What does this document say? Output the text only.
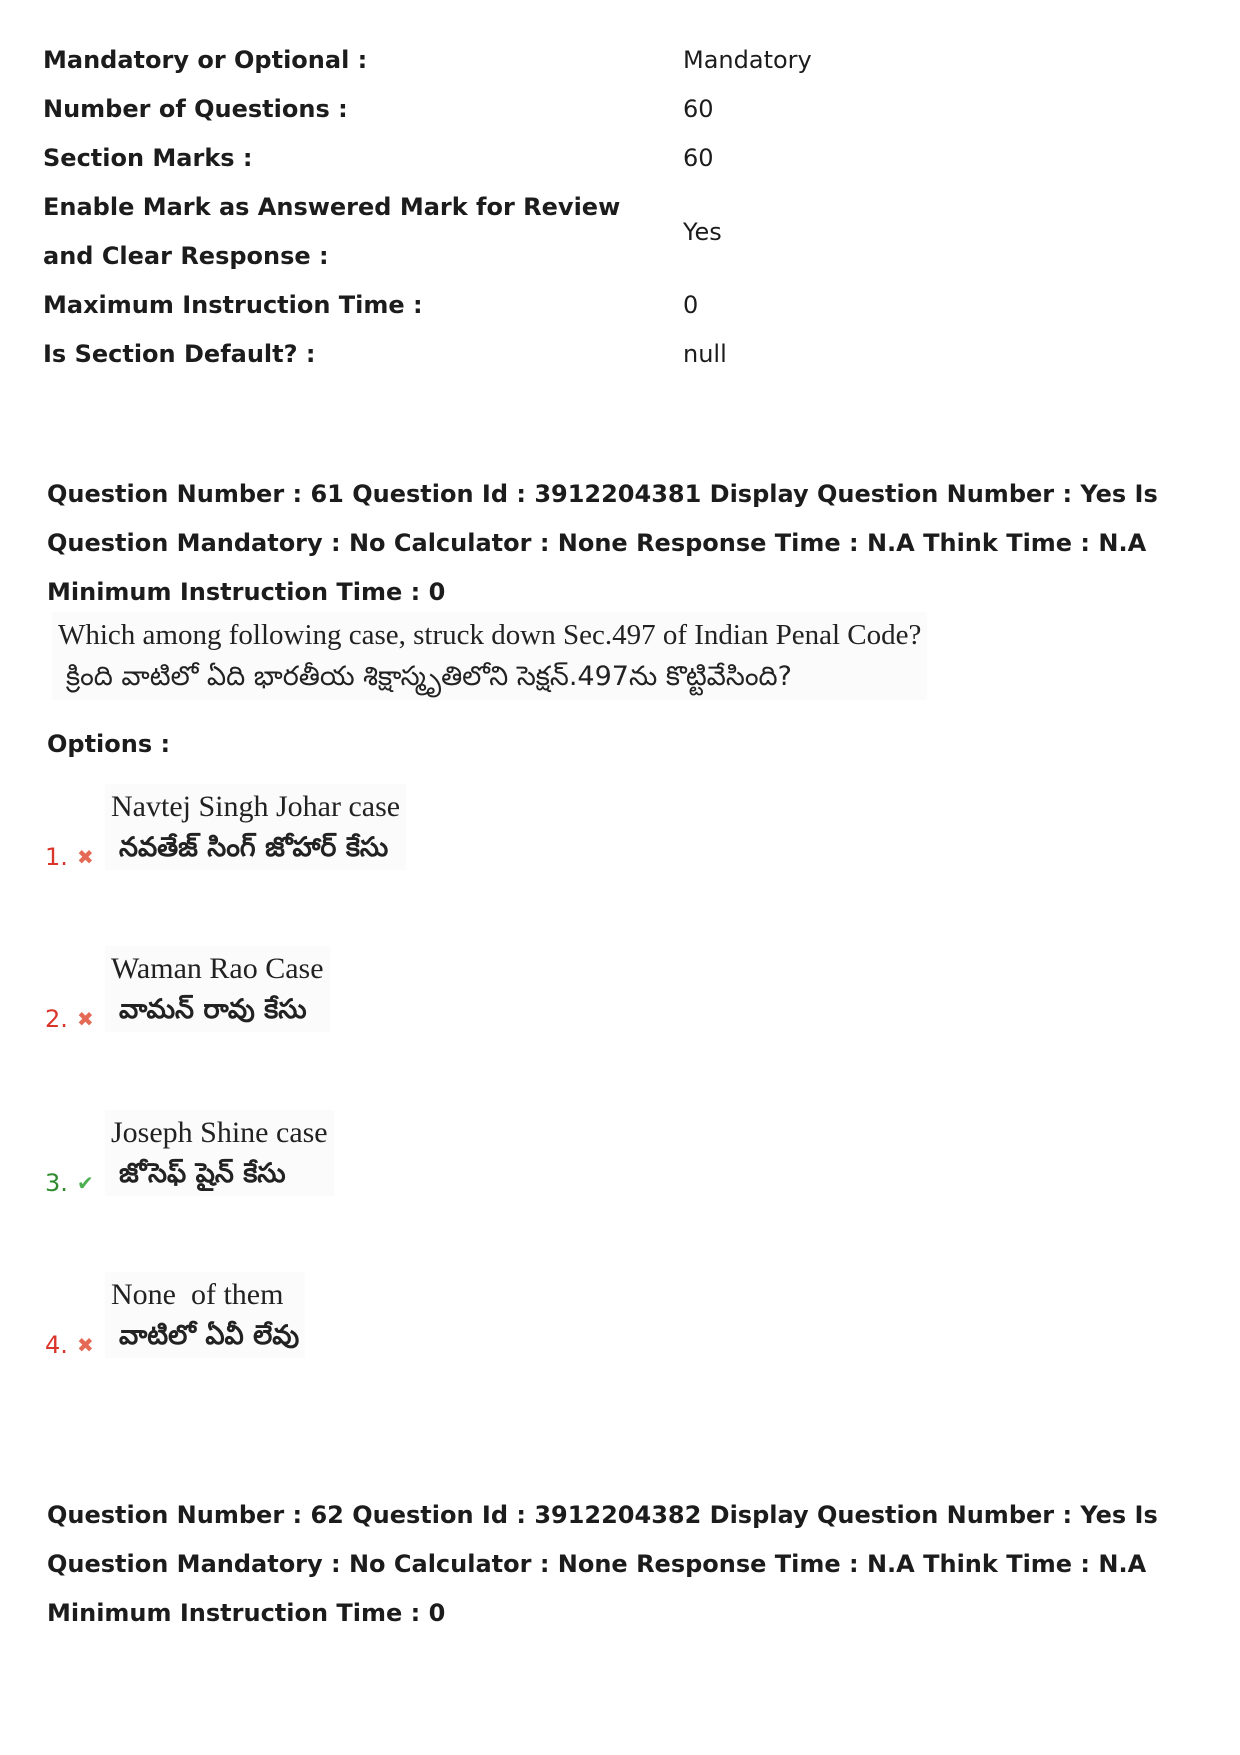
Mandatory or Optional :	Mandatory
Number of Questions :	60
Section Marks :	60
Enable Mark as Answered Mark for Review and Clear Response :
Yes
Maximum Instruction Time :	0
Is Section Default? :	null
Question Number : 61 Question Id : 3912204381 Display Question Number : Yes Is Question Mandatory : No Calculator : None Response Time : N.A Think Time : N.A Minimum Instruction Time : 0
Which among following case, struck down Sec.497 of Indian Penal Code?
క్రింది వాటిలో ఏది భారతీయ శిక్షాస్మృతిలోని సెక్షన్.497ను కొట్టివేసింది?
Options :
1. ✖
Navtej Singh Johar case
నవతేజ్ సింగ్ జోహార్ కేసు
2. ✖
Waman Rao Case
వామన్ రావు కేసు
3. ✔
Joseph Shine case
జోసెఫ్ షైన్ కేసు
4. ✖
None  of them
వాటిలో ఏవీ లేవు
Question Number : 62 Question Id : 3912204382 Display Question Number : Yes Is Question Mandatory : No Calculator : None Response Time : N.A Think Time : N.A Minimum Instruction Time : 0
